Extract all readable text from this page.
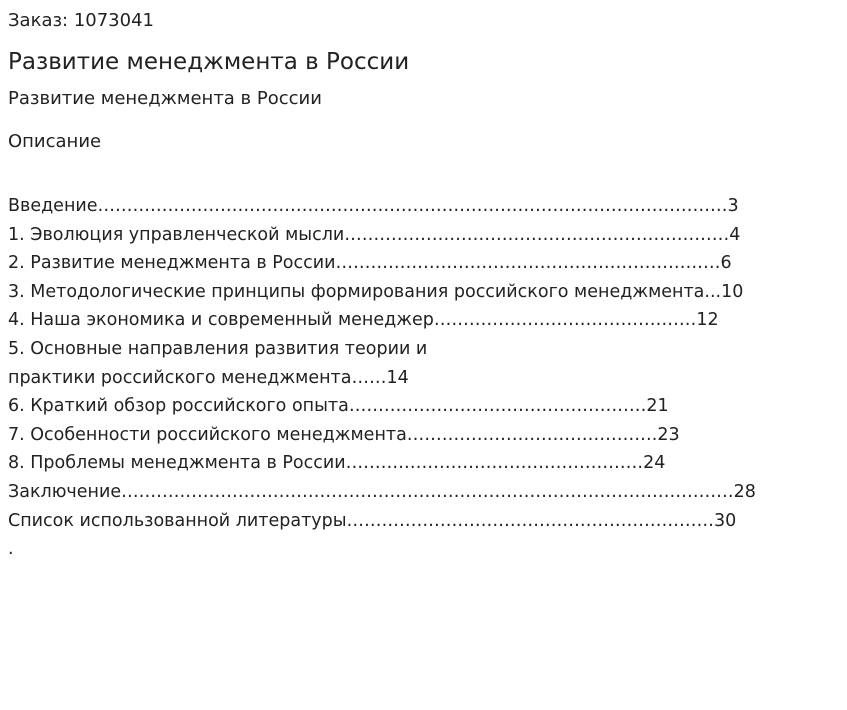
Заказ: 1073041

Развитие менеджмента в России

Развитие менеджмента в России

Описание

Введение………………………………………………………………………………………………3
1. Эволюция управленческой мысли…………………………………………………………4
2. Развитие менеджмента в России…………………………………………………………6
3. Методологические принципы формирования российского менеджмента...10
4. Наша экономика и современный менеджер………………………………………12
5. Основные направления развития теории и
практики российского менеджмента……14
6. Краткий обзор российского опыта……………………………………………21
7. Особенности российского менеджмента…………………………………….23
8. Проблемы менеджмента в России……………………………………………24
Заключение……………………………………………………………………………………………28
Список использованной литературы………………………………………………………30
.
